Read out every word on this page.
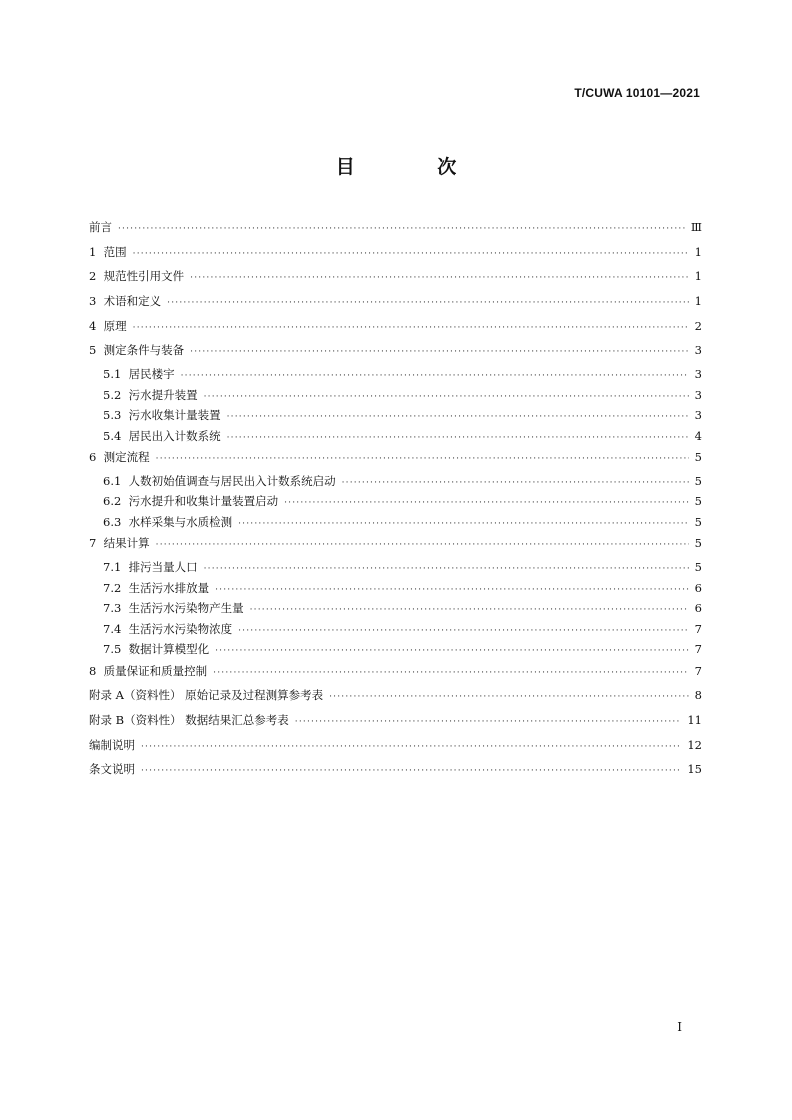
T/CUWA 10101—2021
目 次
前言 ·····	Ⅲ
1 范围 ·····	1
2 规范性引用文件 ·····	1
3 术语和定义 ·····	1
4 原理 ·····	2
5 测定条件与装备 ·····	3
5.1 居民楼宇 ·····	3
5.2 污水提升装置 ·····	3
5.3 污水收集计量装置 ·····	3
5.4 居民出入计数系统 ·····	4
6 测定流程 ·····	5
6.1 人数初始值调查与居民出入计数系统启动 ·····	5
6.2 污水提升和收集计量装置启动 ·····	5
6.3 水样采集与水质检测 ·····	5
7 结果计算 ·····	5
7.1 排污当量人口 ·····	5
7.2 生活污水排放量 ·····	6
7.3 生活污水污染物产生量 ·····	6
7.4 生活污水污染物浓度 ·····	7
7.5 数据计算模型化 ·····	7
8 质量保证和质量控制 ·····	7
附录 A（资料性） 原始记录及过程测算参考表 ·····	8
附录 B（资料性） 数据结果汇总参考表 ·····	11
编制说明 ·····	12
条文说明 ·····	15
I
